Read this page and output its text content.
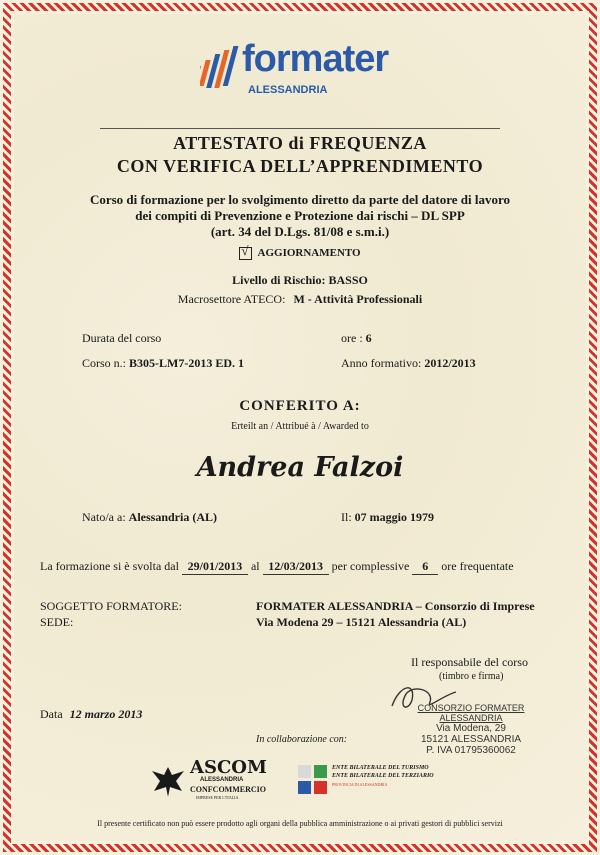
formater
ALESSANDRIA
ATTESTATO di FREQUENZA
CON VERIFICA DELL’APPRENDIMENTO
Corso di formazione per lo svolgimento diretto da parte del datore di lavoro
dei compiti di Prevenzione e Protezione dai rischi – DL SPP
(art. 34 del D.Lgs. 81/08 e s.m.i.)
√ AGGIORNAMENTO
Livello di Rischio: BASSO
Macrosettore ATECO: M - Attività Professionali
Durata del corso	ore : 6
Corso n.: B305-LM7-2013 ED. 1	Anno formativo: 2012/2013
CONFERITO A:
Erteilt an / Attribué à / Awarded to
Andrea Falzoi
Nato/a a: Alessandria (AL)	Il: 07 maggio 1979
La formazione si è svolta dal 29/01/2013 al 12/03/2013 per complessive 6 ore frequentate
SOGGETTO FORMATORE:	FORMATER ALESSANDRIA – Consorzio di Imprese
SEDE:	Via Modena 29 – 15121 Alessandria (AL)
Il responsabile del corso
(timbro e firma)
CONSORZIO FORMATER ALESSANDRIA
Via Modena, 29
15121 ALESSANDRIA
P. IVA 01795360062
Data 12 marzo 2013
In collaborazione con:
ASCOM
ALESSANDRIA
CONFCOMMERCIO
IMPRESE PER L'ITALIA
ENTE BILATERALE DEL TURISMO
ENTE BILATERALE DEL TERZIARIO
PROVINCIA DI ALESSANDRIA
Il presente certificato non può essere prodotto agli organi della pubblica amministrazione o ai privati gestori di pubblici servizi
